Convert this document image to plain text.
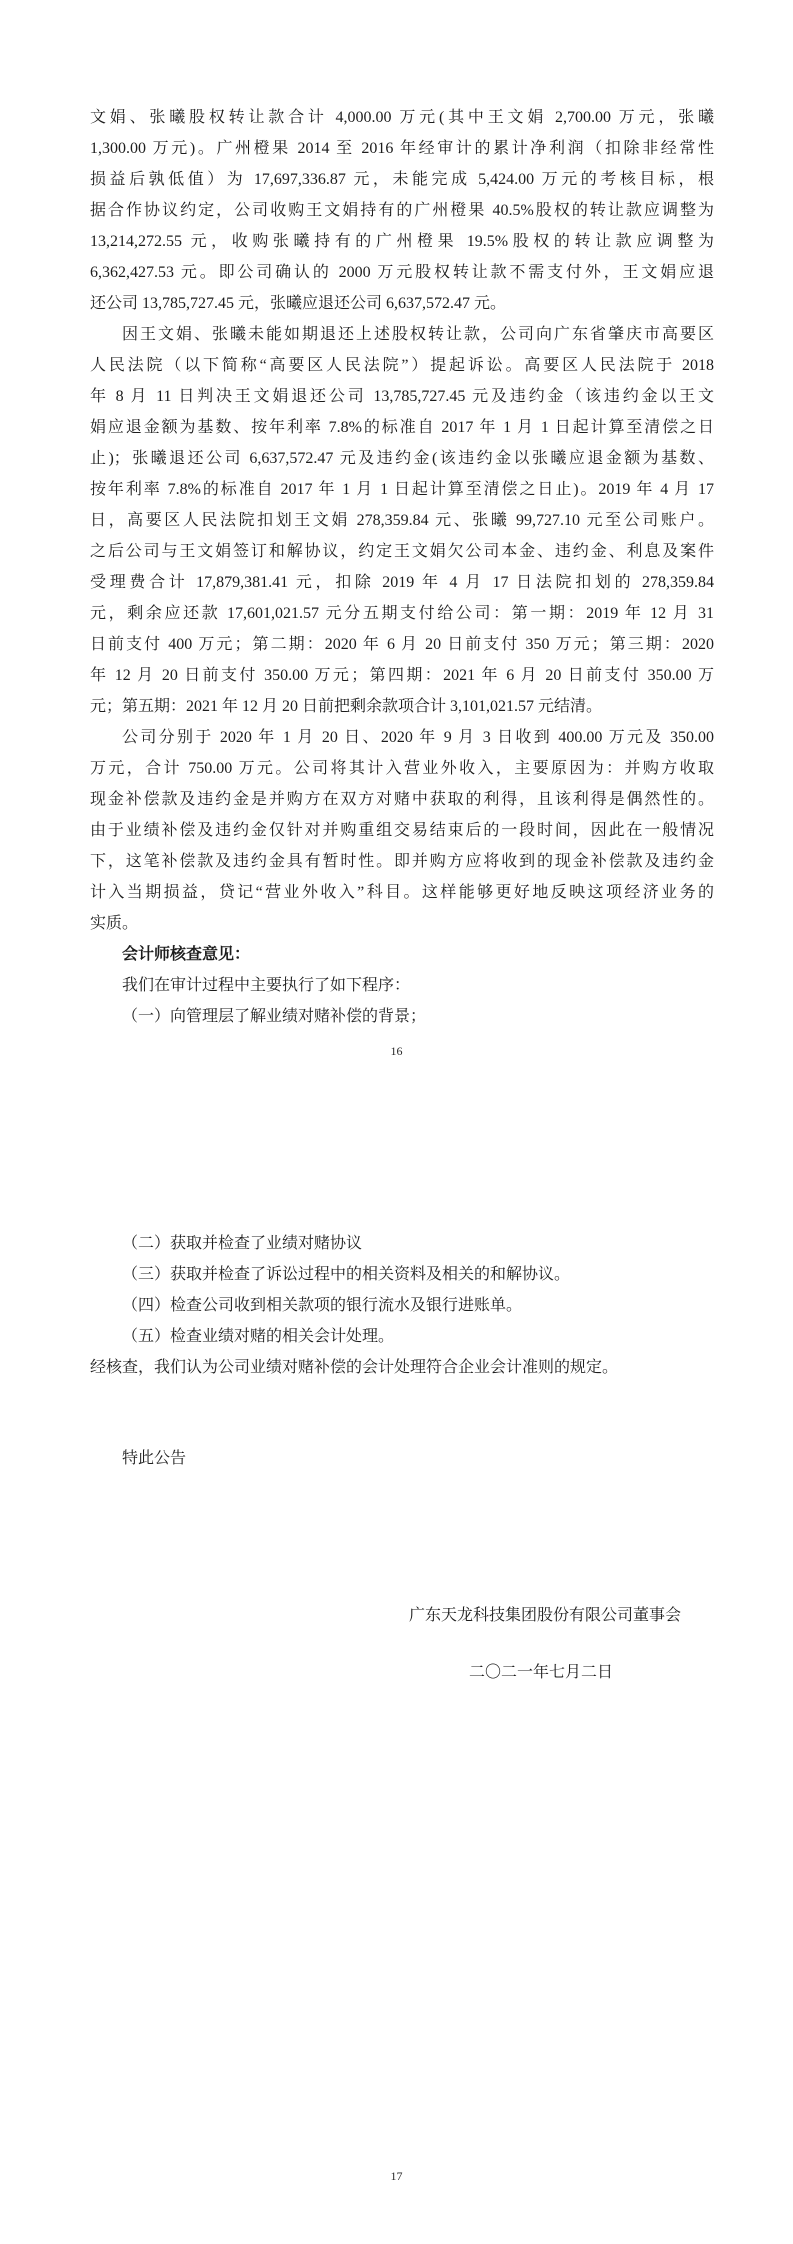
文娟、张曦股权转让款合计 4,000.00 万元(其中王文娟 2,700.00 万元，张曦
1,300.00 万元)。广州橙果 2014 至 2016 年经审计的累计净利润（扣除非经常性
损益后孰低值）为 17,697,336.87 元，未能完成 5,424.00 万元的考核目标，根
据合作协议约定，公司收购王文娟持有的广州橙果 40.5%股权的转让款应调整为
13,214,272.55 元，收购张曦持有的广州橙果 19.5%股权的转让款应调整为
6,362,427.53 元。即公司确认的 2000 万元股权转让款不需支付外，王文娟应退
还公司 13,785,727.45 元，张曦应退还公司 6,637,572.47 元。
因王文娟、张曦未能如期退还上述股权转让款，公司向广东省肇庆市高要区
人民法院（以下简称“高要区人民法院”）提起诉讼。高要区人民法院于 2018
年 8 月 11 日判决王文娟退还公司 13,785,727.45 元及违约金（该违约金以王文
娟应退金额为基数、按年利率 7.8%的标准自 2017 年 1 月 1 日起计算至清偿之日
止)；张曦退还公司 6,637,572.47 元及违约金(该违约金以张曦应退金额为基数、
按年利率 7.8%的标准自 2017 年 1 月 1 日起计算至清偿之日止)。2019 年 4 月 17
日，高要区人民法院扣划王文娟 278,359.84 元、张曦 99,727.10 元至公司账户。
之后公司与王文娟签订和解协议，约定王文娟欠公司本金、违约金、利息及案件
受理费合计 17,879,381.41 元，扣除 2019 年 4 月 17 日法院扣划的 278,359.84
元，剩余应还款 17,601,021.57 元分五期支付给公司：第一期：2019 年 12 月 31
日前支付 400 万元；第二期：2020 年 6 月 20 日前支付 350 万元；第三期：2020
年 12 月 20 日前支付 350.00 万元；第四期：2021 年 6 月 20 日前支付 350.00 万
元；第五期：2021 年 12 月 20 日前把剩余款项合计 3,101,021.57 元结清。
公司分别于 2020 年 1 月 20 日、2020 年 9 月 3 日收到 400.00 万元及 350.00
万元，合计 750.00 万元。公司将其计入营业外收入，主要原因为：并购方收取
现金补偿款及违约金是并购方在双方对赌中获取的利得，且该利得是偶然性的。
由于业绩补偿及违约金仅针对并购重组交易结束后的一段时间，因此在一般情况
下，这笔补偿款及违约金具有暂时性。即并购方应将收到的现金补偿款及违约金
计入当期损益，贷记“营业外收入”科目。这样能够更好地反映这项经济业务的
实质。
会计师核查意见：
我们在审计过程中主要执行了如下程序：
（一）向管理层了解业绩对赌补偿的背景；
16
（二）获取并检查了业绩对赌协议
（三）获取并检查了诉讼过程中的相关资料及相关的和解协议。
（四）检查公司收到相关款项的银行流水及银行进账单。
（五）检查业绩对赌的相关会计处理。
经核查，我们认为公司业绩对赌补偿的会计处理符合企业会计准则的规定。
特此公告
广东天龙科技集团股份有限公司董事会
二〇二一年七月二日
17
